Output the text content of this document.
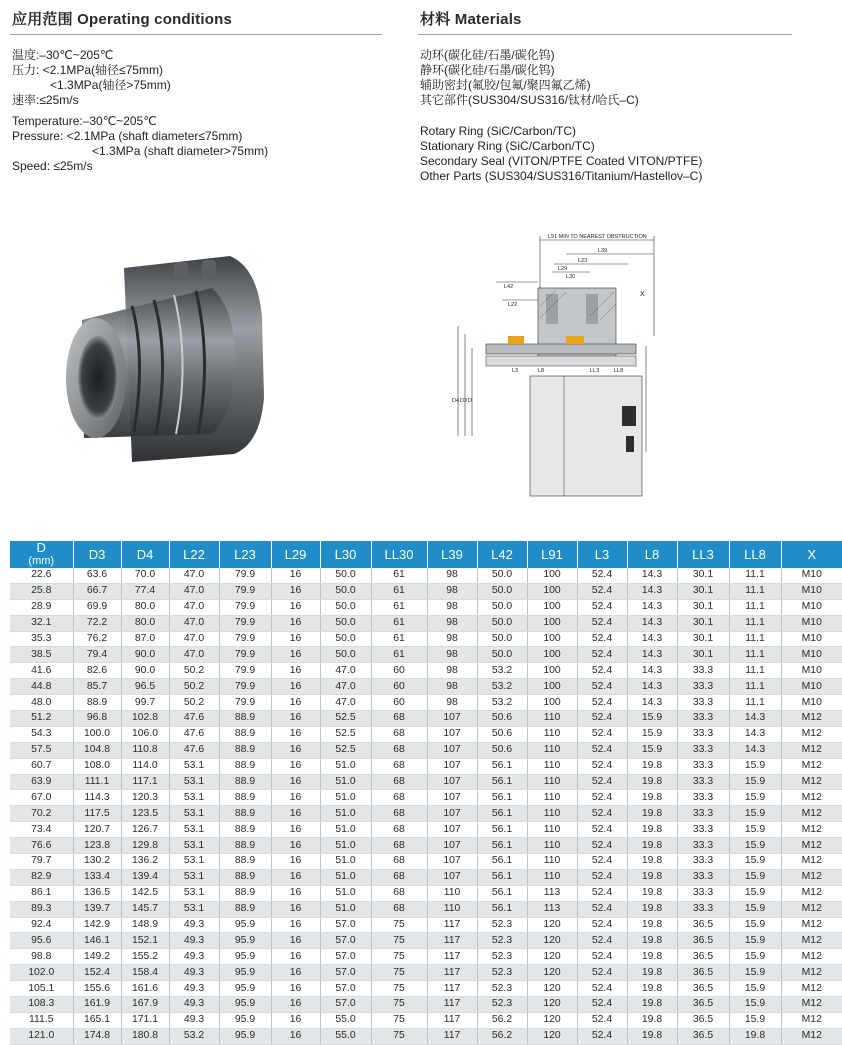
应用范围 Operating conditions	材料 Materials
温度:–30℃~205℃
压力: <2.1MPa(轴径≤75mm)
<1.3MPa(轴径>75mm)
速率:≤25m/s
Temperature:–30℃~205℃
Pressure: <2.1MPa (shaft diameter≤75mm)
<1.3MPa (shaft diameter>75mm)
Speed: ≤25m/s
动环(碳化硅/石墨/碳化钨)
静环(碳化硅/石墨/碳化钨)
辅助密封(氟胶/包氟/聚四氟乙烯)
其它部件(SUS304/SUS316/钛材/哈氏–C)
Rotary Ring (SiC/Carbon/TC)
Stationary Ring (SiC/Carbon/TC)
Secondary Seal (VITON/PTFE Coated VITON/PTFE)
Other Parts (SUS304/SUS316/Titanium/Hastellov–C)
L91 MIN TO NEAREST OBSTRUCTION
L39
L23
L29
L30
L42
L22
X
D4 D3 D
L3	L8	LL3	LL8
D
(mm)	D3	D4	L22	L23	L29	L30	LL30	L39	L42	L91	L3	L8	LL3	LL8	X
22.6	63.6	70.0	47.0	79.9	16	50.0	61	98	50.0	100	52.4	14.3	30.1	11.1	M10
25.8	66.7	77.4	47.0	79.9	16	50.0	61	98	50.0	100	52.4	14.3	30.1	11.1	M10
28.9	69.9	80.0	47.0	79.9	16	50.0	61	98	50.0	100	52.4	14.3	30.1	11.1	M10
32.1	72.2	80.0	47.0	79.9	16	50.0	61	98	50.0	100	52.4	14.3	30.1	11.1	M10
35.3	76.2	87.0	47.0	79.9	16	50.0	61	98	50.0	100	52.4	14.3	30.1	11.1	M10
38.5	79.4	90.0	47.0	79.9	16	50.0	61	98	50.0	100	52.4	14.3	30.1	11.1	M10
41.6	82.6	90.0	50.2	79.9	16	47.0	60	98	53.2	100	52.4	14.3	33.3	11.1	M10
44.8	85.7	96.5	50.2	79.9	16	47.0	60	98	53.2	100	52.4	14.3	33.3	11.1	M10
48.0	88.9	99.7	50.2	79.9	16	47.0	60	98	53.2	100	52.4	14.3	33.3	11.1	M10
51.2	96.8	102.8	47.6	88.9	16	52.5	68	107	50.6	110	52.4	15.9	33.3	14.3	M12
54.3	100.0	106.0	47.6	88.9	16	52.5	68	107	50.6	110	52.4	15.9	33.3	14.3	M12
57.5	104.8	110.8	47.6	88.9	16	52.5	68	107	50.6	110	52.4	15.9	33.3	14.3	M12
60.7	108.0	114.0	53.1	88.9	16	51.0	68	107	56.1	110	52.4	19.8	33.3	15.9	M12
63.9	111.1	117.1	53.1	88.9	16	51.0	68	107	56.1	110	52.4	19.8	33.3	15.9	M12
67.0	114.3	120.3	53.1	88.9	16	51.0	68	107	56.1	110	52.4	19.8	33.3	15.9	M12
70.2	117.5	123.5	53.1	88.9	16	51.0	68	107	56.1	110	52.4	19.8	33.3	15.9	M12
73.4	120.7	126.7	53.1	88.9	16	51.0	68	107	56.1	110	52.4	19.8	33.3	15.9	M12
76.6	123.8	129.8	53.1	88.9	16	51.0	68	107	56.1	110	52.4	19.8	33.3	15.9	M12
79.7	130.2	136.2	53.1	88.9	16	51.0	68	107	56.1	110	52.4	19.8	33.3	15.9	M12
82.9	133.4	139.4	53.1	88.9	16	51.0	68	107	56.1	110	52.4	19.8	33.3	15.9	M12
86.1	136.5	142.5	53.1	88.9	16	51.0	68	110	56.1	113	52.4	19.8	33.3	15.9	M12
89.3	139.7	145.7	53.1	88.9	16	51.0	68	110	56.1	113	52.4	19.8	33.3	15.9	M12
92.4	142.9	148.9	49.3	95.9	16	57.0	75	117	52.3	120	52.4	19.8	36.5	15.9	M12
95.6	146.1	152.1	49.3	95.9	16	57.0	75	117	52.3	120	52.4	19.8	36.5	15.9	M12
98.8	149.2	155.2	49.3	95.9	16	57.0	75	117	52.3	120	52.4	19.8	36.5	15.9	M12
102.0	152.4	158.4	49.3	95.9	16	57.0	75	117	52.3	120	52.4	19.8	36.5	15.9	M12
105.1	155.6	161.6	49.3	95.9	16	57.0	75	117	52.3	120	52.4	19.8	36.5	15.9	M12
108.3	161.9	167.9	49.3	95.9	16	57.0	75	117	52.3	120	52.4	19.8	36.5	15.9	M12
111.5	165.1	171.1	49.3	95.9	16	55.0	75	117	56.2	120	52.4	19.8	36.5	15.9	M12
121.0	174.8	180.8	53.2	95.9	16	55.0	75	117	56.2	120	52.4	19.8	36.5	19.8	M12
